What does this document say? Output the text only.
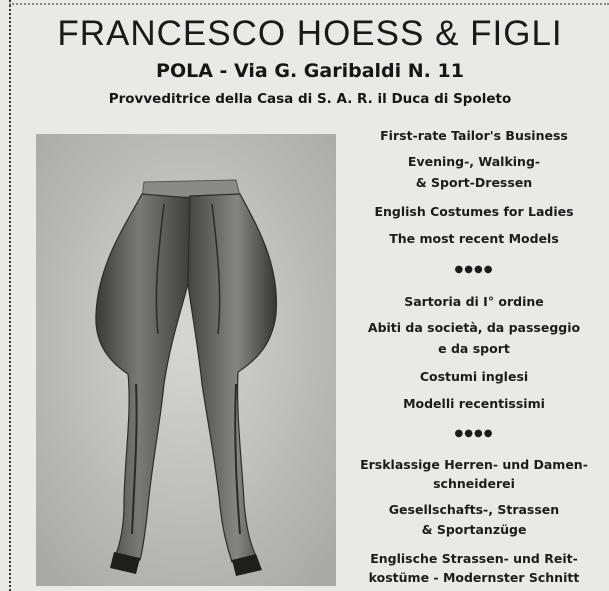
FRANCESCO HOESS & FIGLI
POLA - Via G. Garibaldi N. 11
Provveditrice della Casa di S. A. R. il Duca di Spoleto
First-rate Tailor's Business
Evening-, Walking-
& Sport-Dressen
English Costumes for Ladies
The most recent Models
●●●●
Sartoria di I° ordine
Abiti da società, da passeggio
e da sport
Costumi inglesi
Modelli recentissimi
●●●●
Ersklassige Herren- und Damen-
schneiderei
Gesellschafts-, Strassen
& Sportanzüge
Englische Strassen- und Reit-
kostüme - Modernster Schnitt
